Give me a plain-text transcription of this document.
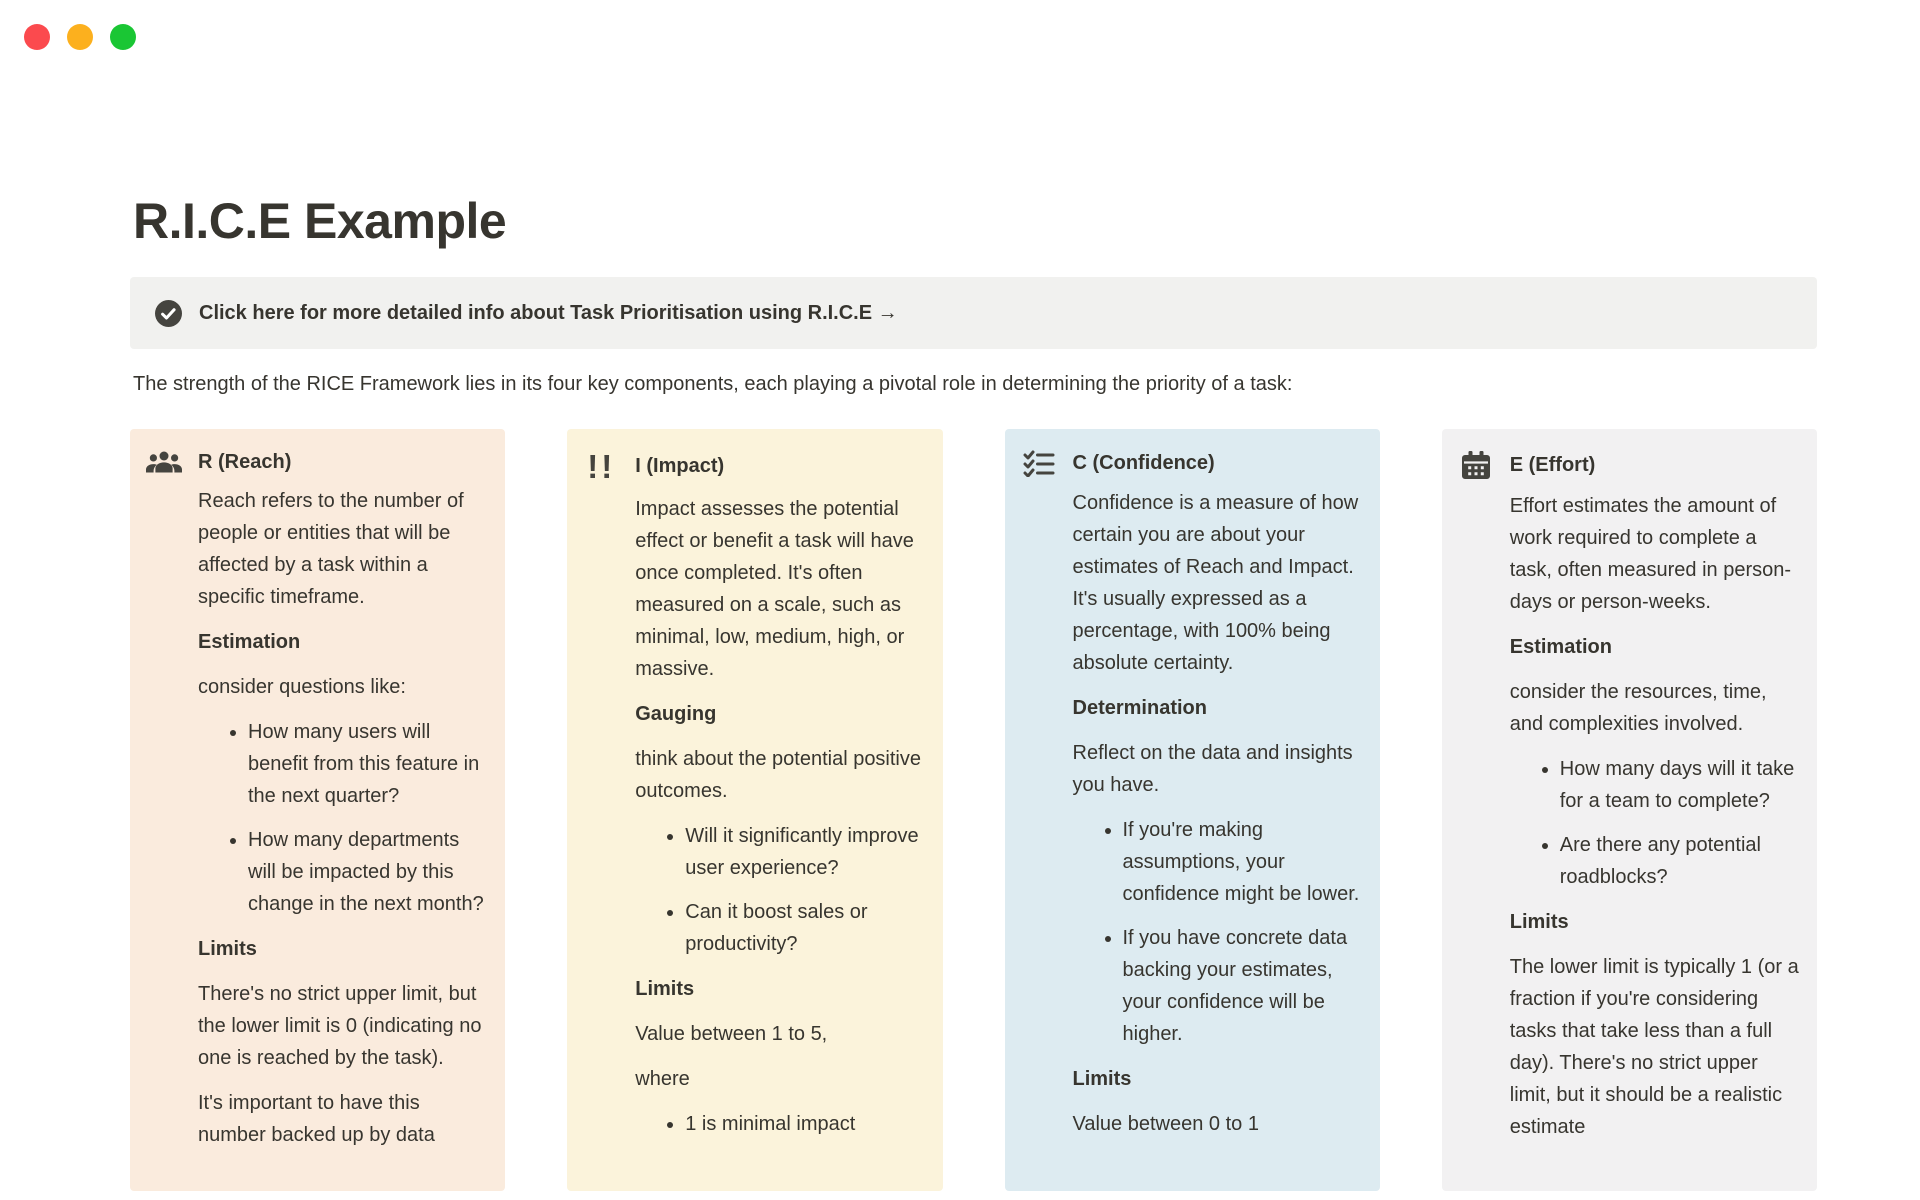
R.I.C.E Example
Click here for more detailed info about Task Prioritisation using R.I.C.E →

The strength of the RICE Framework lies in its four key components, each playing a pivotal role in determining the priority of a task:

R (Reach)

Reach refers to the number of people or entities that will be affected by a task within a specific timeframe.

Estimation

consider questions like:

• How many users will benefit from this feature in the next quarter?
• How many departments will be impacted by this change in the next month?
Limits

There's no strict upper limit, but the lower limit is 0 (indicating no one is reached by the task).

It's important to have this number backed up by data

!! I (Impact)

Impact assesses the potential effect or benefit a task will have once completed. It's often measured on a scale, such as minimal, low, medium, high, or massive.

Gauging

think about the potential positive outcomes.

• Will it significantly improve user experience?
• Can it boost sales or productivity?
Limits

Value between 1 to 5,

where

• 1 is minimal impact
C (Confidence)

Confidence is a measure of how certain you are about your estimates of Reach and Impact. It's usually expressed as a percentage, with 100% being absolute certainty.

Determination

Reflect on the data and insights you have.

• If you're making assumptions, your confidence might be lower.
• If you have concrete data backing your estimates, your confidence will be higher.
Limits

Value between 0 to 1

E (Effort)

Effort estimates the amount of work required to complete a task, often measured in person-days or person-weeks.

Estimation

consider the resources, time, and complexities involved.

• How many days will it take for a team to complete?
• Are there any potential roadblocks?
Limits

The lower limit is typically 1 (or a fraction if you're considering tasks that take less than a full day). There's no strict upper limit, but it should be a realistic estimate
